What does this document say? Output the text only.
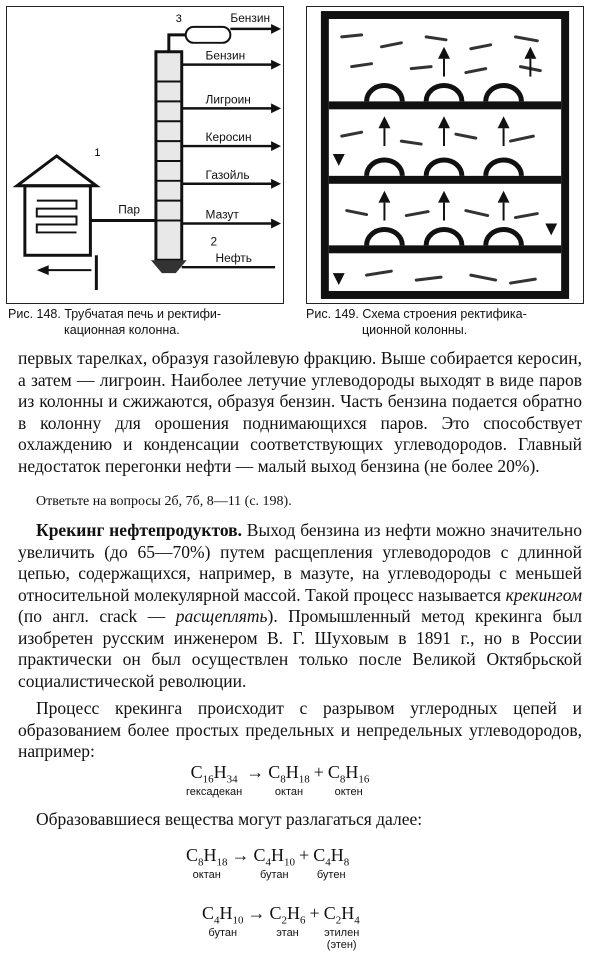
1
3	Бензин
Бензин
Лигроин
Керосин
Газойль
Мазут
Нефть
Пар
2
Рис. 148. Трубчатая печь и ректифи-
кационная колонна.
Рис. 149. Схема строения ректифика-
ционной колонны.

первых тарелках, образуя газойлевую фракцию. Выше собирается керосин, а затем — лигроин. Наиболее летучие углеводороды выходят в виде паров из колонны и сжижаются, образуя бензин. Часть бензина подается обратно в колонну для орошения поднимающихся паров. Это способствует охлаждению и конденсации соответствующих углеводородов. Главный недостаток перегонки нефти — малый выход бензина (не более 20%).

Ответьте на вопросы 2б, 7б, 8—11 (с. 198).

Крекинг нефтепродуктов. Выход бензина из нефти можно значительно увеличить (до 65—70%) путем расщепления углеводородов с длинной цепью, содержащихся, например, в мазуте, на углеводороды с меньшей относительной молекулярной массой. Такой процесс называется крекингом (по англ. crack — расщеплять). Промышленный метод крекинга был изобретен русским инженером В. Г. Шуховым в 1891 г., но в России практически он был осуществлен только после Великой Октябрьской социалистической революции.

Процесс крекинга происходит с разрывом углеродных цепей и образованием более простых предельных и непредельных углеводородов, например:

$C_{16}H_{34}$
гексадекан
→ $C_8H_{18}$
октан
+ $C_8H_{16}$
октен

Образовавшиеся вещества могут разлагаться далее:

$C_8H_{18}$
октан
→ $C_4H_{10}$
бутан
+ $C_4H_8$
бутен
$C_4H_{10}$
бутан
→ $C_2H_6$
этан
+ $C_2H_4$
этилен
(этен)
